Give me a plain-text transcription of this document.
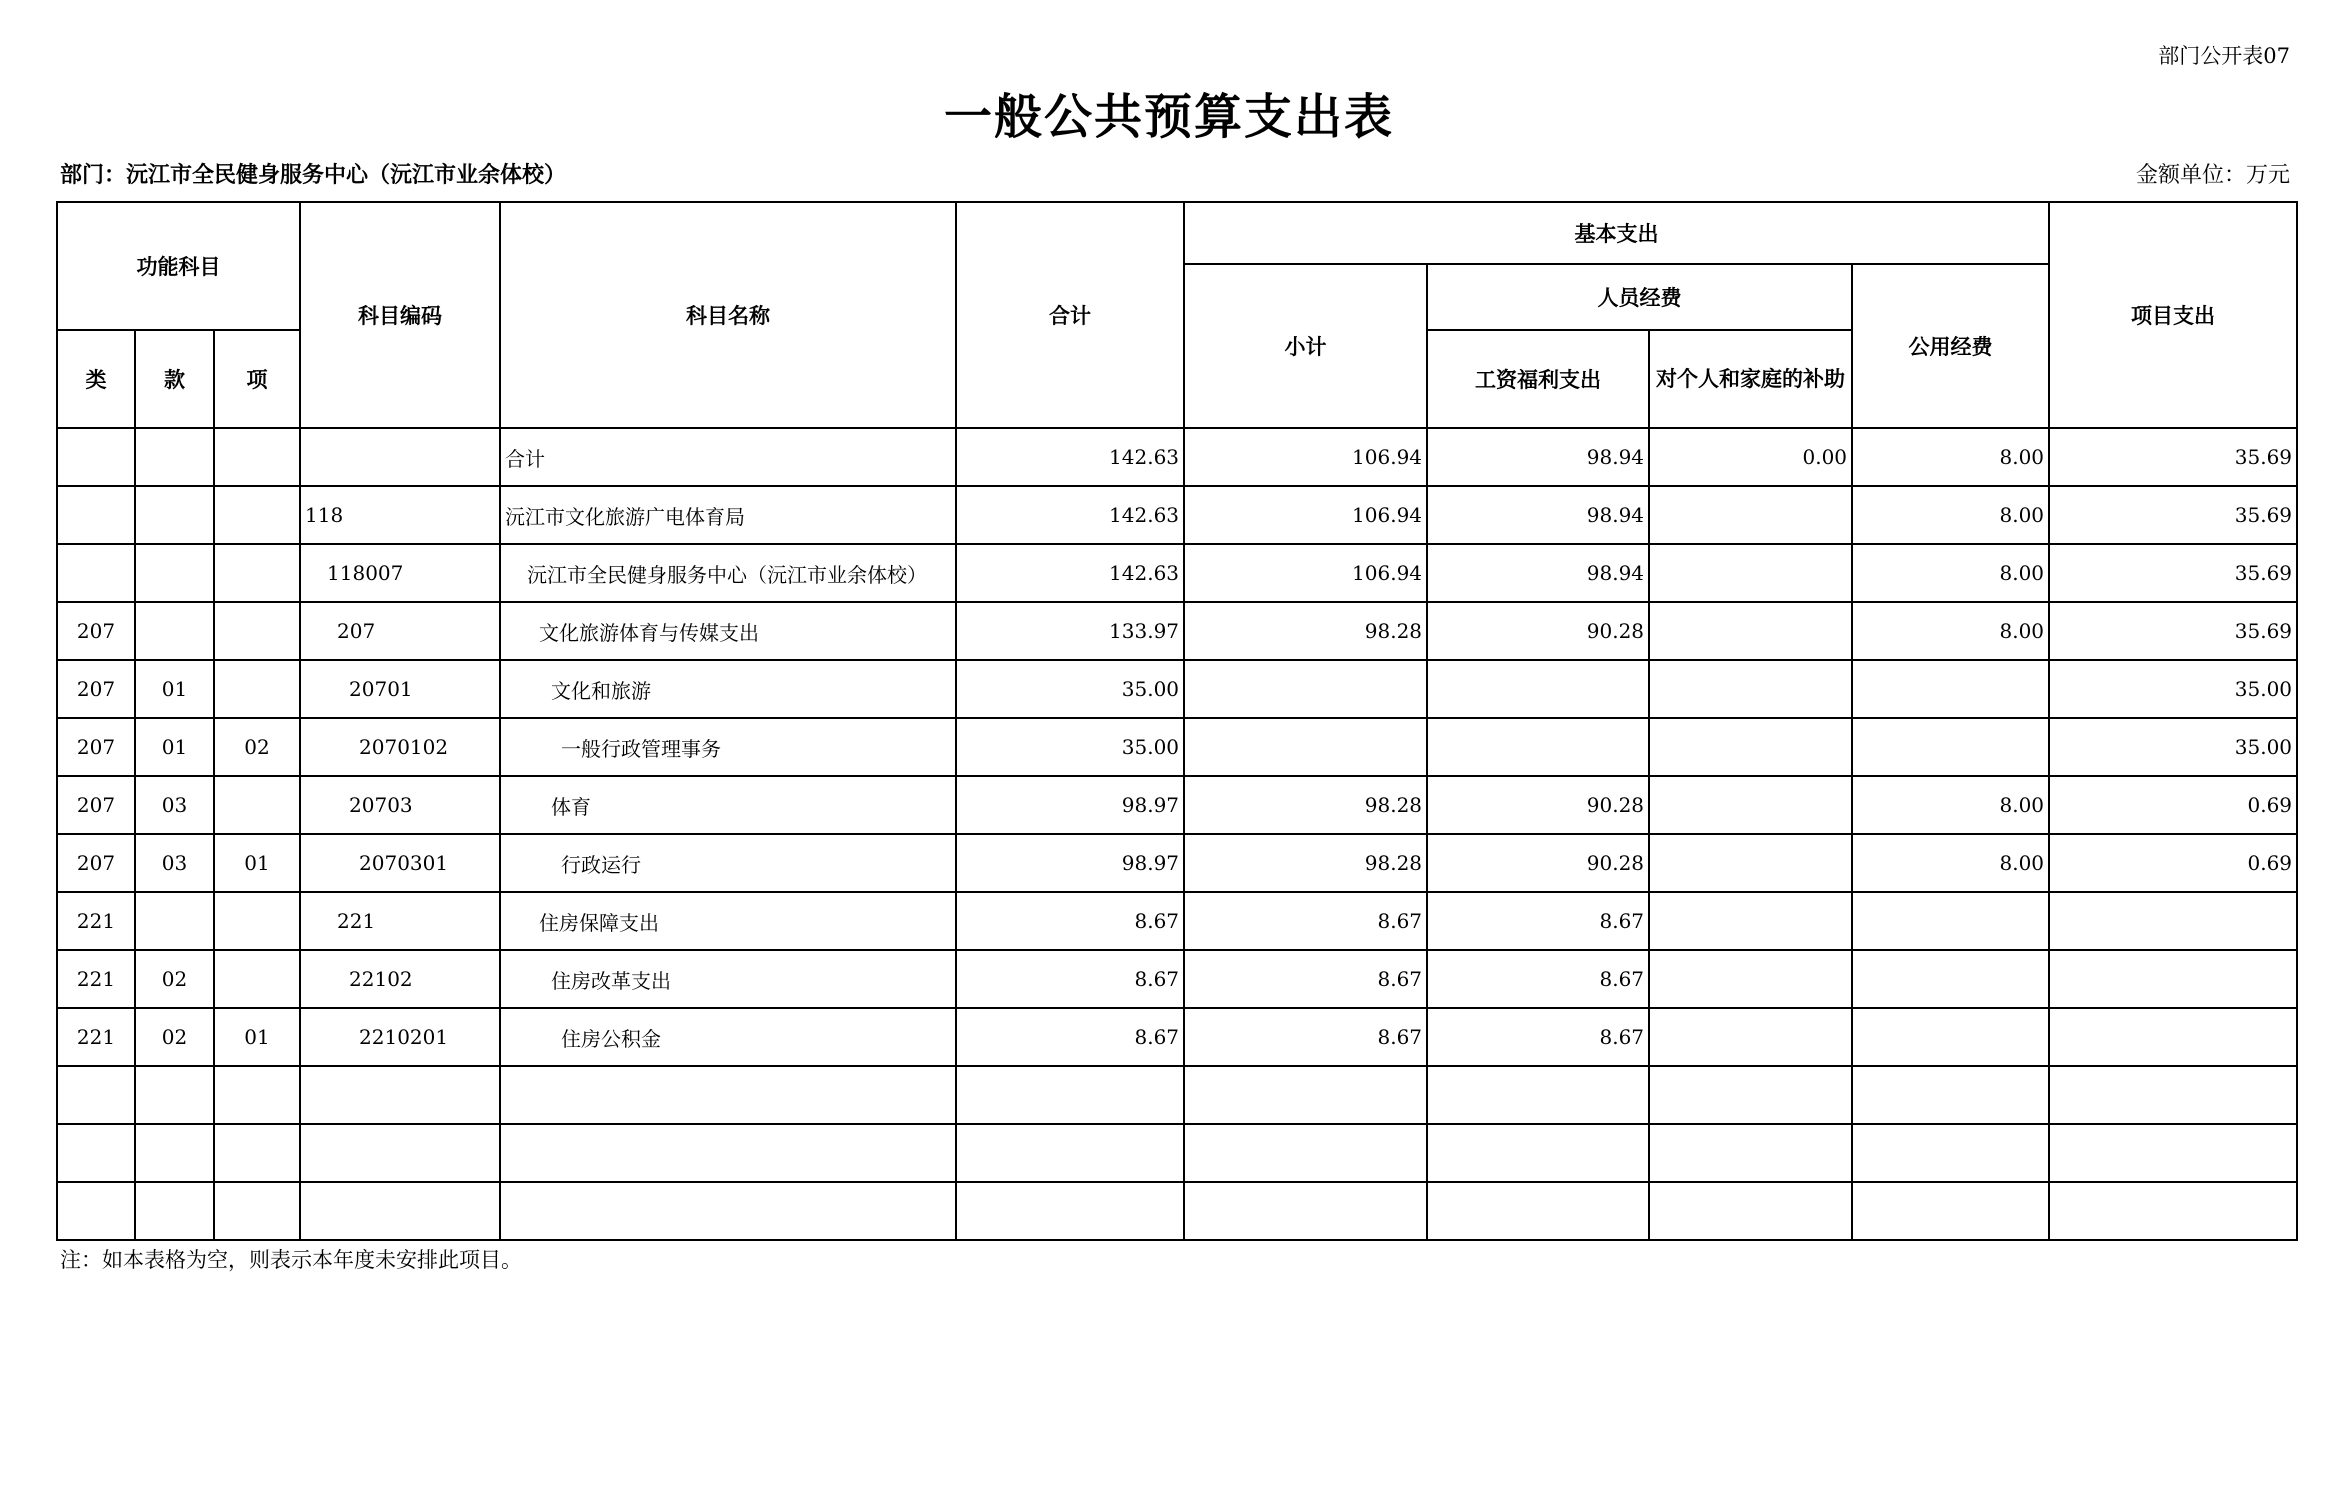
部门公开表07
一般公共预算支出表
部门：沅江市全民健身服务中心（沅江市业余体校）	金额单位：万元
功能科目			科目编码	科目名称	合计	基本支出				项目支出
						小计	人员经费		公用经费	
类	款	项					工资福利支出	对个人和家庭的补助		
				合计	142.63	106.94	98.94	0.00	8.00	35.69
			118	沅江市文化旅游广电体育局	142.63	106.94	98.94		8.00	35.69
			118007	沅江市全民健身服务中心（沅江市业余体校）	142.63	106.94	98.94		8.00	35.69
207			207	文化旅游体育与传媒支出	133.97	98.28	90.28		8.00	35.69
207	01		20701	文化和旅游	35.00					35.00
207	01	02	2070102	一般行政管理事务	35.00					35.00
207	03		20703	体育	98.97	98.28	90.28		8.00	0.69
207	03	01	2070301	行政运行	98.97	98.28	90.28		8.00	0.69
221			221	住房保障支出	8.67	8.67	8.67			
221	02		22102	住房改革支出	8.67	8.67	8.67			
221	02	01	2210201	住房公积金	8.67	8.67	8.67			

注：如本表格为空，则表示本年度未安排此项目。
